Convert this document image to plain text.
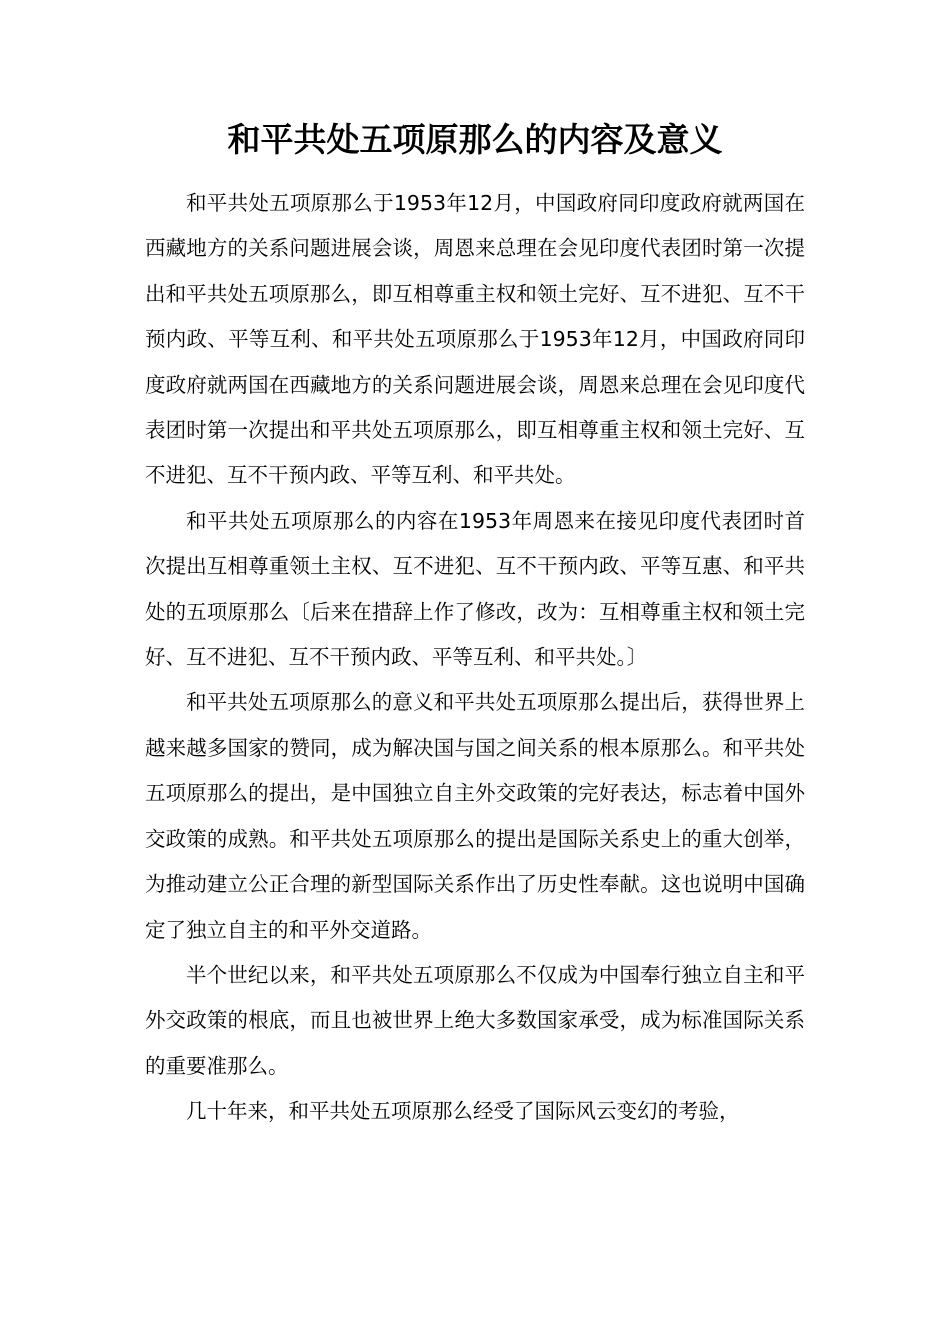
和平共处五项原那么的内容及意义

和平共处五项原那么于1953年12月，中国政府同印度政府就两国在西藏地方的关系问题进展会谈，周恩来总理在会见印度代表团时第一次提出和平共处五项原那么，即互相尊重主权和领土完好、互不进犯、互不干预内政、平等互利、和平共处五项原那么于1953年12月，中国政府同印度政府就两国在西藏地方的关系问题进展会谈，周恩来总理在会见印度代表团时第一次提出和平共处五项原那么，即互相尊重主权和领土完好、互不进犯、互不干预内政、平等互利、和平共处。

和平共处五项原那么的内容在1953年周恩来在接见印度代表团时首次提出互相尊重领土主权、互不进犯、互不干预内政、平等互惠、和平共处的五项原那么〔后来在措辞上作了修改，改为：互相尊重主权和领土完好、互不进犯、互不干预内政、平等互利、和平共处。〕

和平共处五项原那么的意义和平共处五项原那么提出后，获得世界上越来越多国家的赞同，成为解决国与国之间关系的根本原那么。和平共处五项原那么的提出，是中国独立自主外交政策的完好表达，标志着中国外交政策的成熟。和平共处五项原那么的提出是国际关系史上的重大创举，为推动建立公正合理的新型国际关系作出了历史性奉献。这也说明中国确定了独立自主的和平外交道路。

半个世纪以来，和平共处五项原那么不仅成为中国奉行独立自主和平外交政策的根底，而且也被世界上绝大多数国家承受，成为标准国际关系的重要准那么。

几十年来，和平共处五项原那么经受了国际风云变幻的考验，
